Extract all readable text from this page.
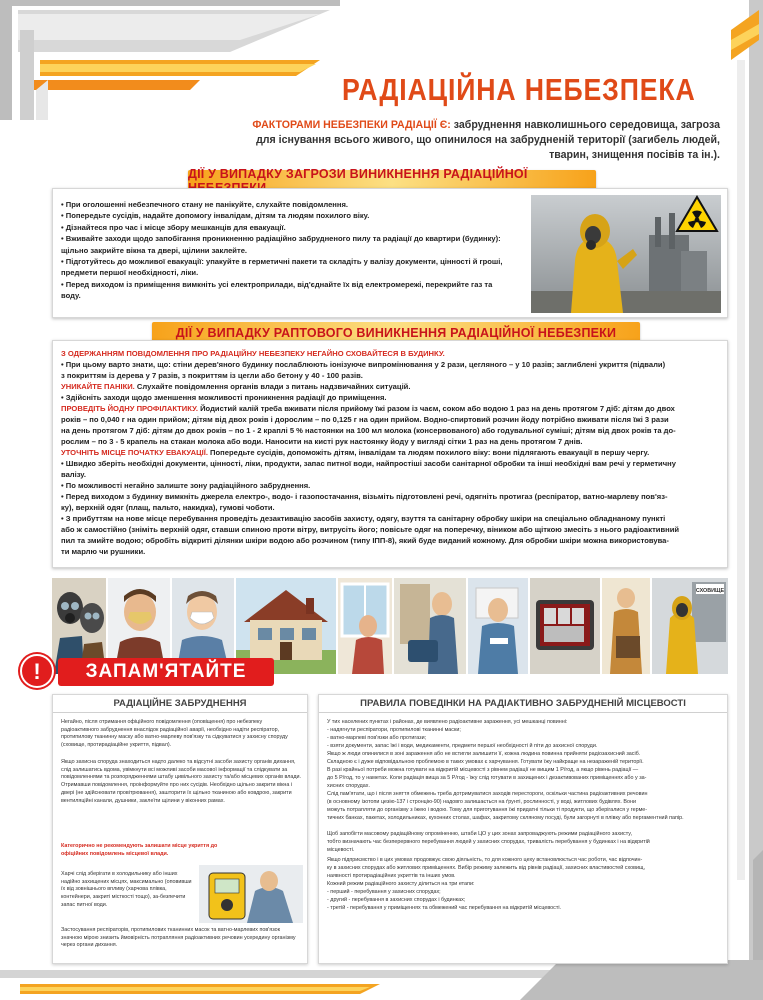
РАДІАЦІЙНА НЕБЕЗПЕКА
ФАКТОРАМИ НЕБЕЗПЕКИ РАДІАЦІЇ Є: забруднення навколишнього середовища, загроза для існування всього живого, що опинилося на забрудненій території (загибель людей, тварин, знищення посівів та ін.).
ДІЇ У ВИПАДКУ ЗАГРОЗИ ВИНИКНЕННЯ РАДІАЦІЙНОЇ
• При оголошенні небезпечного стану не панікуйте, слухайте повідомлення.
• Попередьте сусідів, надайте допомогу інвалідам, дітям та людям похилого віку.
• Дізнайтеся про час і місце збору мешканців для евакуації.
• Вживайте заходи щодо запобігання проникненню радіаційно забрудненого пилу та радіації до квартири (будинку):
щільно закрийте вікна та двері, щілини заклейте.
• Підготуйтесь до можливої евакуації: упакуйте в герметичні пакети та складіть у валізу документи, цінності й гроші,
предмети першої необхідності, ліки.
• Перед виходом із приміщення вимкніть усі електроприлади, від'єднайте їх від електромережі, перекрийте газ та
воду.
ДІЇ У ВИПАДКУ РАПТОВОГО ВИНИКНЕННЯ РАДІАЦІЙНОЇ НЕБЕЗПЕКИ
З ОДЕРЖАННЯМ ПОВІДОМЛЕННЯ ПРО РАДІАЦІЙНУ НЕБЕЗПЕКУ НЕГАЙНО СХОВАЙТЕСЯ В БУДИНКУ.
• При цьому варто знати, що: стіни дерев'яного будинку послаблюють іонізуюче випромінювання у 2 рази, цегляного – у 10 разів; заглиблені укриття (підвали)
з покриттям із дерева у 7 разів, з покриттям із цегли або бетону у 40 - 100 разів.
УНИКАЙТЕ ПАНІКИ. Слухайте повідомлення органів влади з питань надзвичайних ситуацій.
• Здійсніть заходи щодо зменшення можливості проникнення радіації до приміщення.
ПРОВЕДІТЬ ЙОДНУ ПРОФІЛАКТИКУ. Йодистий калій треба вживати після прийому їжі разом із чаєм, соком або водою 1 раз на день протягом 7 діб: дітям до двох
років – по 0,040 г на один прийом; дітям від двох років і дорослим – по 0,125 г на один прийом. Водно-спиртовий розчин йоду потрібно вживати після їжі 3 рази
на день протягом 7 діб: дітям до двох років – по 1 - 2 краплі 5 % настоянки на 100 мл молока (консервованого) або годувальної суміші; дітям від двох років та до-
рослим – по 3 - 5 крапель на стакан молока або води. Наносити на кисті рук настоянку йоду у вигляді сітки 1 раз на день протягом 7 днів.
УТОЧНІТЬ МІСЦЕ ПОЧАТКУ ЕВАКУАЦІЇ. Попередьте сусідів, допоможіть дітям, інвалідам та людям похилого віку: вони підлягають евакуації в першу чергу.
• Швидко зберіть необхідні документи, цінності, ліки, продукти, запас питної води, найпростіші засоби санітарної обробки та інші необхідні вам речі у герметичну
валізу.
• По можливості негайно залиште зону радіаційного забруднення.
• Перед виходом з будинку вимкніть джерела електро-, водо- і газопостачання, візьміть підготовлені речі, одягніть протигаз (респіратор, ватно-марлеву пов'яз-
ку), верхній одяг (плащ, пальто, накидка), гумові чоботи.
• З прибуттям на нове місце перебування проведіть дезактивацію засобів захисту, одягу, взуття та санітарну обробку шкіри на спеціально обладнаному пункті
або ж самостійно (зніміть верхній одяг, ставши спиною проти вітру, витрусіть його; повісьте одяг на поперечку, віником або щіткою змесіть з нього радіоактивний
пил та змийте водою; обробіть відкриті ділянки шкіри водою або розчином (типу ІПП-8), який буде виданий кожному. Для обробки шкіри можна використовува-
ти марлю чи рушники.
СХОВИЩЕ
!	ЗАПАМ'ЯТАЙТЕ
РАДІАЦІЙНЕ ЗАБРУДНЕННЯ
Негайно, після отримання офіційного повідомлення (оповіщення) про небезпеку радіоактивного забруднення внаслідок радіаційної аварії, необхідно надіти респіратор, протипилову тканинну маску або ватно-марлеву пов'язку та сідкуватися у захисну споруду (сховище, протирадіаційне укриття, підвал).
Якщо захисна споруда знаходиться надто далеко та відсутні засоби захисту органів дихання, слід залишатись вдома, увімкнути всі можливі засоби масової інформації та слідкувати за повідомленнями та розпорядженнями штабу цивільного захисту та/або місцевих органів влади. Отримавши повідомлення, проінформуйте про них сусідів. Необхідно щільно закрити вікна і двері (не здійснювати провітрювання), зашторити їх щільно тканиною або ковдрою, закрити вентиляційні канали, душники, заклеїти щілини у віконних рамах.
Категорично не рекомендують залишати місце укриття до офіційних повідомлень місцевої влади.
Харчі слід зберігати в холодильнику або інших надійно захищених місцях, максимально (оповивши їх від зовнішнього впливу (харчова плівка, контейнери, закриті місткості тощо), зa-безпечити запас питної води.
Застосування респіраторів, протипилових тканинних масок та ватно-марлевих пов'язок значною мірою знизить ймовірність потрапляння радіоактивних речовин усередину організму через органи дихання.
ПРАВИЛА ПОВЕДІНКИ НА РАДІАКТИВНО ЗАБРУДНЕНІЙ МІСЦЕВОСТІ
У тих населених пунктах і районах, де виявлено радіоактивне зараження, усі мешканці повинні:
- надягнути респіратори, протипилові тканинні маски;
- ватно-марлеві пов'язки або протигази;
- взяти документи, запас їжі і води, медикаменти, предмети першої необхідності й піти до захисної споруди.
Якщо ж люди опинилися в зоні зараження або не встигли залишити її, кожна людина повинна прийняти радіозахисний засіб.
Складною є і дуже відповідальною проблемою в таких умовах є харчування. Готувати їжу найкраще на незараженій території.
В разі крайньої потреби можна готувати на відкритій місцевості з рівнем радіації не вищим 1 Р/год, а якщо рівень радіації —
до 5 Р/год, то у наметах. Коли радіація вища за 5 Р/год - їжу слід готувати в захищених і дезактивованих приміщеннях або у за-
хисних спорудах.
Слід пам'ятати, що і після зняття обмежень треба дотримуватися заходів перестороги, оскільки частина радіоактивних речовин
(в основному ізотопи цезію-137 і стронцію-90) надовго залишається на ґрунті, рослинності, у воді, житлових будівлях. Вони
можуть потрапляти до організму з їжею і водою. Тому для приготування їжі придатні тільки ті продукти, що зберігалися у герме-
тичних банках, пакетах, холодильниках, кухонних столах, шафах, закритому скляному посуді, були загорнуті в плівку або пергаментний папір.
Щоб запобігти масовому радіаційному опроміненню, штаби ЦО у цих зонах запроваджують режими радіаційного захисту,
тобто визначають час безперервного перебування людей у захисних спорудах, тривалість перебування у будинках і на відкритій
місцевості.
Якщо підприємство і в цих умовах продовжує свою діяльність, то для кожного цеху встановлюється час роботи, час відпочин-
ку в захисних спорудах або житлових приміщеннях. Вибір режиму залежить від рівнів радіації, захисних властивостей сховищ,
наявності протирадіаційних укриттів та інших умов.
Кожний режим радіаційного захисту ділиться на три етапи:
- перший - перебування у захисних спорудах;
- другий - перебування в захисних спорудах і будинках;
- третій - перебування у приміщеннях та обмежений час перебування на відкритій місцевості.
